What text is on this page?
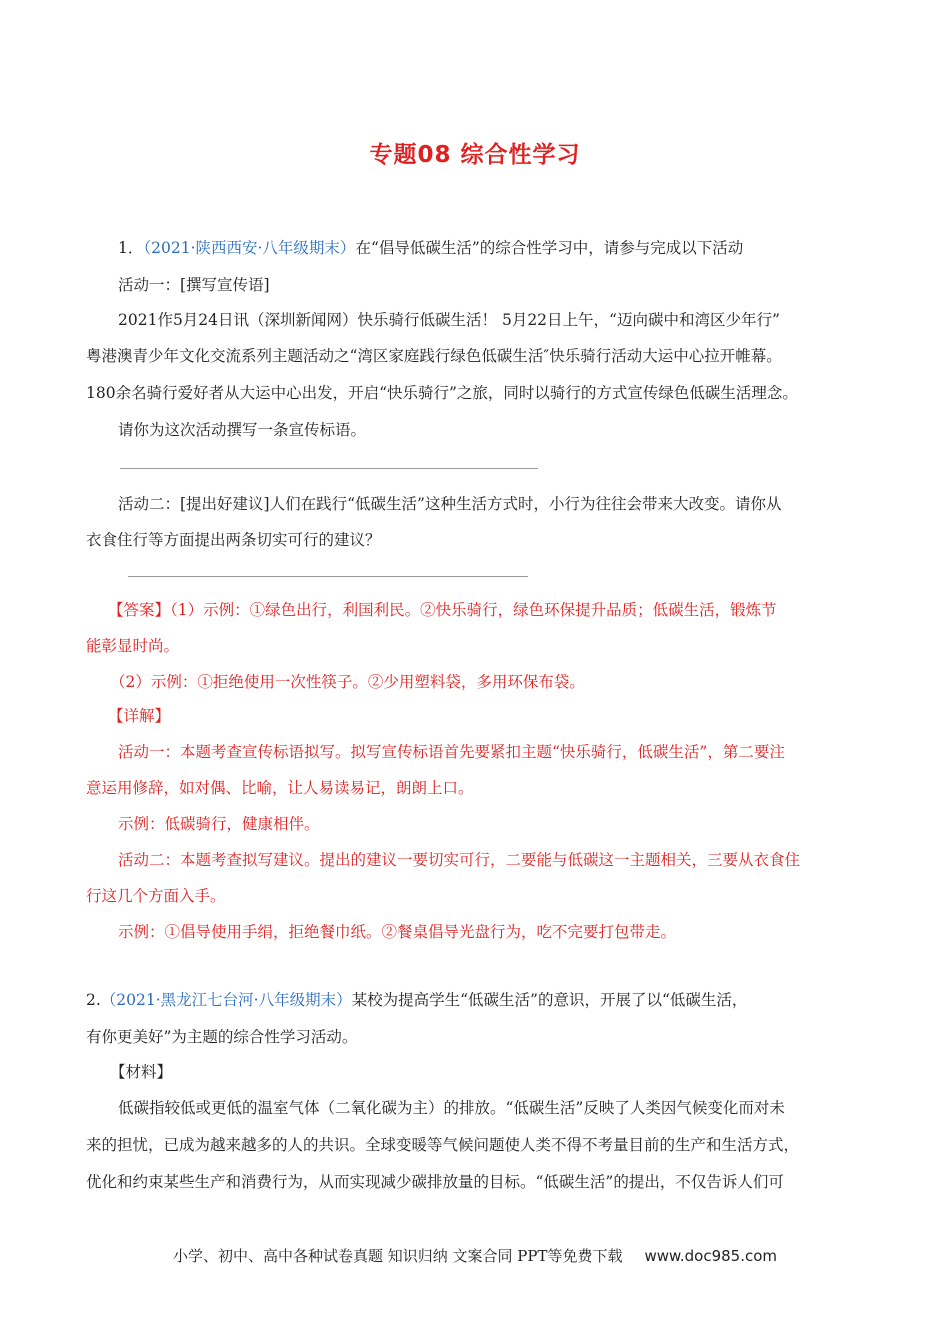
专题08 综合性学习
1．（2021·陕西西安·八年级期末）在“倡导低碳生活”的综合性学习中，请参与完成以下活动
活动一：[撰写宣传语]
2021作5月24日讯（深圳新闻网）快乐骑行低碳生活！ 5月22日上午，“迈向碳中和湾区少年行”
粤港澳青少年文化交流系列主题活动之“湾区家庭践行绿色低碳生活″快乐骑行活动大运中心拉开帷幕。
180余名骑行爱好者从大运中心出发，开启“快乐骑行”之旅，同时以骑行的方式宣传绿色低碳生活理念。
请你为这次活动撰写一条宣传标语。
活动二：[提出好建议]人们在践行“低碳生活”这种生活方式时，小行为往往会带来大改变。请你从
衣食住行等方面提出两条切实可行的建议？
【答案】（1）示例：①绿色出行，利国利民。②快乐骑行，绿色环保提升品质；低碳生活，锻炼节
能彰显时尚。
（2）示例：①拒绝使用一次性筷子。②少用塑料袋，多用环保布袋。
【详解】
活动一：本题考查宣传标语拟写。拟写宣传标语首先要紧扣主题“快乐骑行，低碳生活”，第二要注
意运用修辞，如对偶、比喻，让人易读易记，朗朗上口。
示例：低碳骑行，健康相伴。
活动二：本题考查拟写建议。提出的建议一要切实可行，二要能与低碳这一主题相关，三要从衣食住
行这几个方面入手。
示例：①倡导使用手绢，拒绝餐巾纸。②餐桌倡导光盘行为，吃不完要打包带走。
2.（2021·黑龙江七台河·八年级期末）某校为提高学生“低碳生活”的意识，开展了以“低碳生活，
有你更美好”为主题的综合性学习活动。
【材料】
低碳指较低或更低的温室气体（二氧化碳为主）的排放。“低碳生活”反映了人类因气候变化而对未
来的担忧，已成为越来越多的人的共识。全球变暖等气候问题使人类不得不考量目前的生产和生活方式，
优化和约束某些生产和消费行为，从而实现减少碳排放量的目标。“低碳生活”的提出，不仅告诉人们可
小学、初中、高中各种试卷真题 知识归纳 文案合同 PPT等免费下载 www.doc985.com
